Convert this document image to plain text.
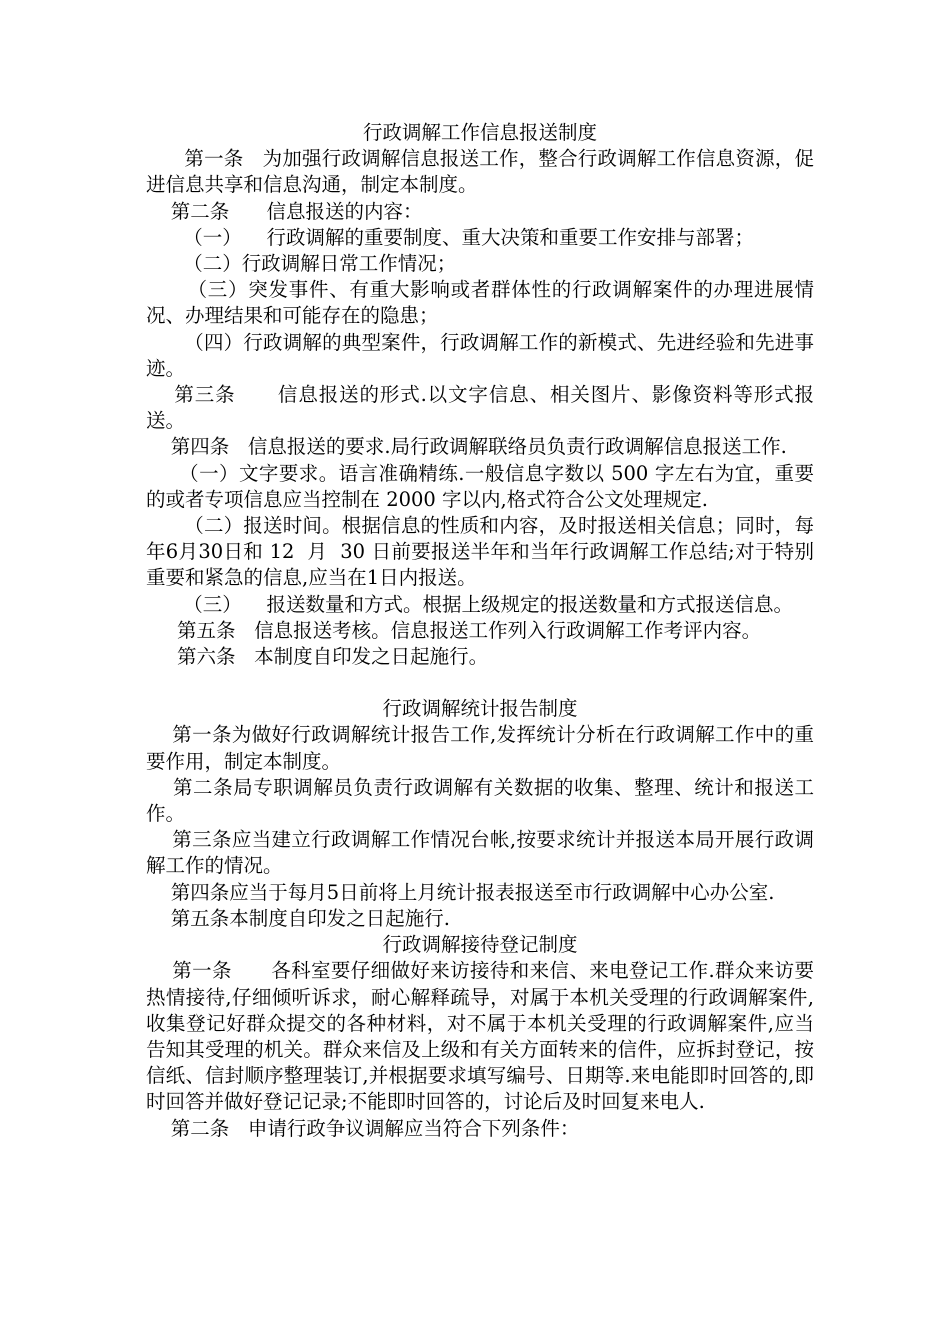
行政调解工作信息报送制度

第一条   为加强行政调解信息报送工作，整合行政调解工作信息资源，促进信息共享和信息沟通，制定本制度。

第二条      信息报送的内容：

（一）    行政调解的重要制度、重大决策和重要工作安排与部署；

（二）行政调解日常工作情况；

（三）突发事件、有重大影响或者群体性的行政调解案件的办理进展情况、办理结果和可能存在的隐患；

（四）行政调解的典型案件，行政调解工作的新模式、先进经验和先进事迹。

第三条      信息报送的形式.以文字信息、相关图片、影像资料等形式报送。

第四条   信息报送的要求.局行政调解联络员负责行政调解信息报送工作.

（一）文字要求。语言准确精练.一般信息字数以 500 字左右为宜，重要的或者专项信息应当控制在 2000 字以内,格式符合公文处理规定.

（二）报送时间。根据信息的性质和内容，及时报送相关信息；同时，每年6月30日和 12  月  30 日前要报送半年和当年行政调解工作总结;对于特别重要和紧急的信息,应当在1日内报送。

（三）    报送数量和方式。根据上级规定的报送数量和方式报送信息。

第五条   信息报送考核。信息报送工作列入行政调解工作考评内容。

第六条   本制度自印发之日起施行。

行政调解统计报告制度

第一条为做好行政调解统计报告工作,发挥统计分析在行政调解工作中的重要作用，制定本制度。

第二条局专职调解员负责行政调解有关数据的收集、整理、统计和报送工作。

第三条应当建立行政调解工作情况台帐,按要求统计并报送本局开展行政调解工作的情况。

第四条应当于每月5日前将上月统计报表报送至市行政调解中心办公室.

第五条本制度自印发之日起施行.

行政调解接待登记制度

第一条      各科室要仔细做好来访接待和来信、来电登记工作.群众来访要热情接待,仔细倾听诉求，耐心解释疏导，对属于本机关受理的行政调解案件,收集登记好群众提交的各种材料，对不属于本机关受理的行政调解案件,应当告知其受理的机关。群众来信及上级和有关方面转来的信件，应拆封登记，按信纸、信封顺序整理装订,并根据要求填写编号、日期等.来电能即时回答的,即时回答并做好登记记录;不能即时回答的，讨论后及时回复来电人.

第二条   申请行政争议调解应当符合下列条件：
